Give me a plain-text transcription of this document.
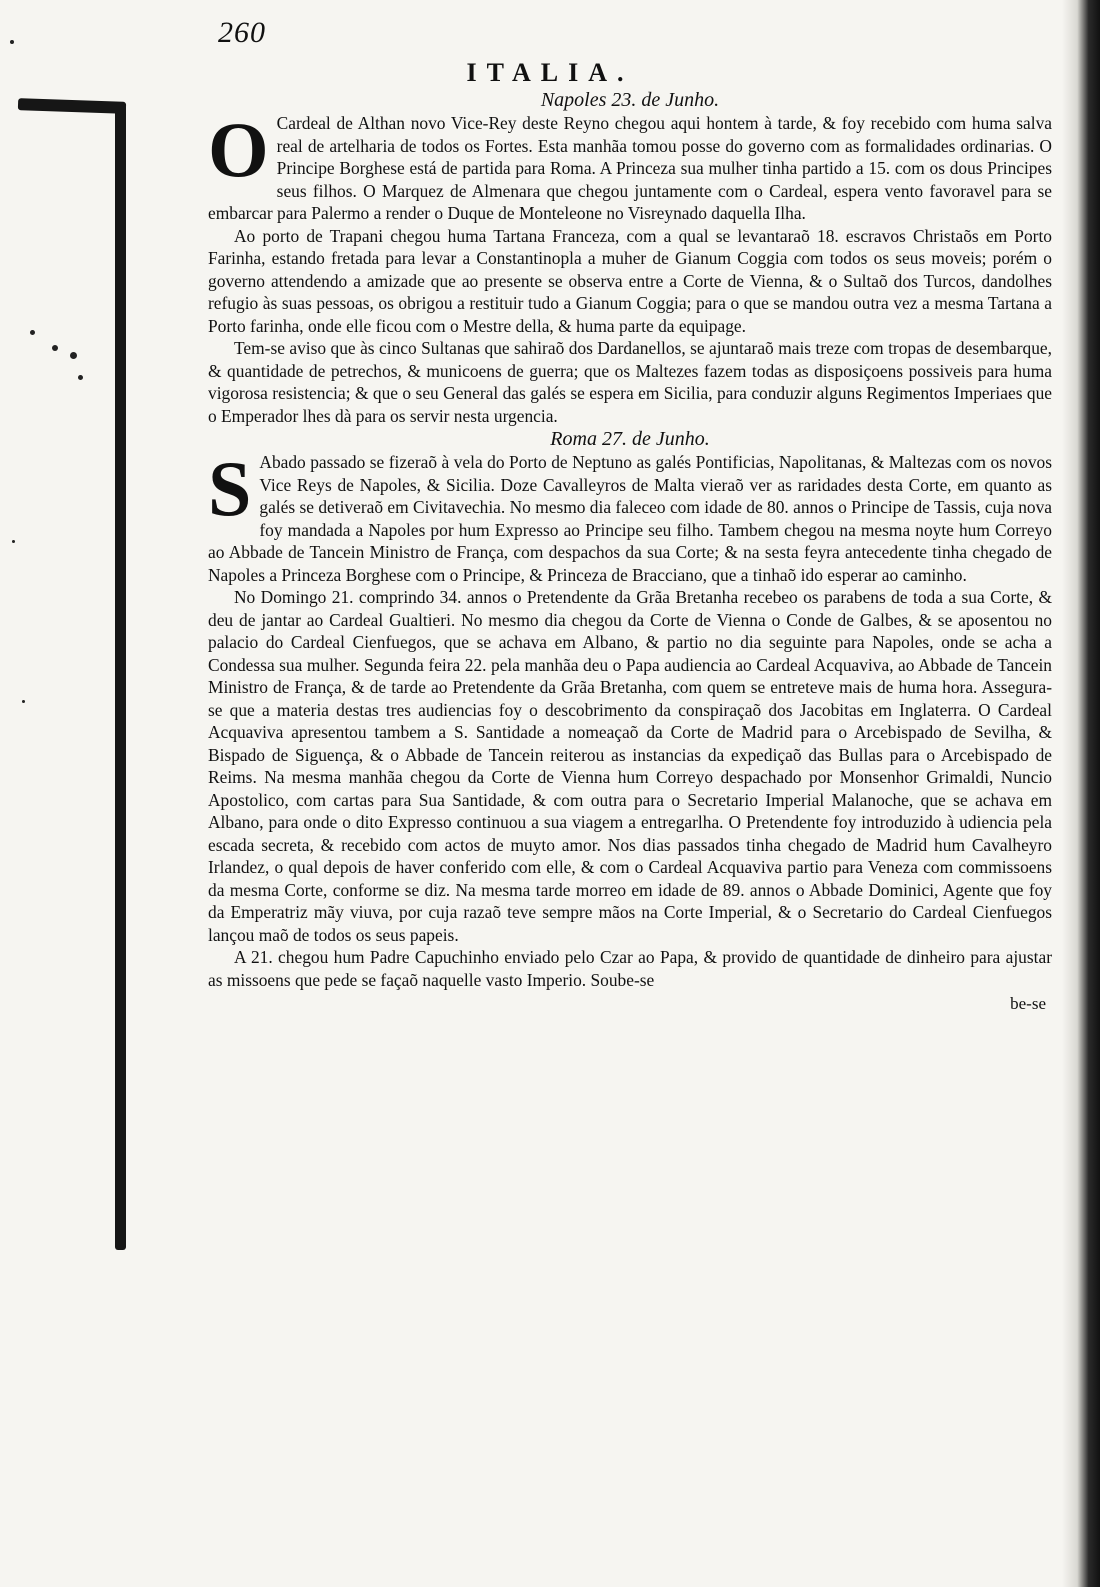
260
ITALIA.
Napoles 23. de Junho.

O Cardeal de Althan novo Vice-Rey deste Reyno chegou aqui hontem à tarde, & foy recebido com huma salva real de artelharia de todos os Fortes. Esta manhãa tomou posse do governo com as formalidades ordinarias. O Principe Borghese está de partida para Roma. A Princeza sua mulher tinha partido a 15. com os dous Principes seus filhos. O Marquez de Almenara que chegou juntamente com o Cardeal, espera vento favoravel para se embarcar para Palermo a render o Duque de Monteleone no Visreynado daquella Ilha.

Ao porto de Trapani chegou huma Tartana Franceza, com a qual se levantaraõ 18. escravos Christaõs em Porto Farinha, estando fretada para levar a Constantinopla a muher de Gianum Coggia com todos os seus moveis; porém o governo attendendo a amizade que ao presente se observa entre a Corte de Vienna, & o Sultaõ dos Turcos, dandolhes refugio às suas pessoas, os obrigou a restituir tudo a Gianum Coggia; para o que se mandou outra vez a mesma Tartana a Porto farinha, onde elle ficou com o Mestre della, & huma parte da equipage.

Tem-se aviso que às cinco Sultanas que sahiraõ dos Dardanellos, se ajuntaraõ mais treze com tropas de desembarque, & quantidade de petrechos, & municoens de guerra; que os Maltezes fazem todas as disposiçoens possiveis para huma vigorosa resistencia; & que o seu General das galés se espera em Sicilia, para conduzir alguns Regimentos Imperiaes que o Emperador lhes dà para os servir nesta urgencia.

Roma 27. de Junho.

S Abado passado se fizeraõ à vela do Porto de Neptuno as galés Pontificias, Napolitanas, & Maltezas com os novos Vice Reys de Napoles, & Sicilia. Doze Cavalleyros de Malta vieraõ ver as raridades desta Corte, em quanto as galés se detiveraõ em Civitavechia. No mesmo dia faleceo com idade de 80. annos o Principe de Tassis, cuja nova foy mandada a Napoles por hum Expresso ao Principe seu filho. Tambem chegou na mesma noyte hum Correyo ao Abbade de Tancein Ministro de França, com despachos da sua Corte; & na sesta feyra antecedente tinha chegado de Napoles a Princeza Borghese com o Principe, & Princeza de Bracciano, que a tinhaõ ido esperar ao caminho.

No Domingo 21. comprindo 34. annos o Pretendente da Grãa Bretanha recebeo os parabens de toda a sua Corte, & deu de jantar ao Cardeal Gualtieri. No mesmo dia chegou da Corte de Vienna o Conde de Galbes, & se aposentou no palacio do Cardeal Cienfuegos, que se achava em Albano, & partio no dia seguinte para Napoles, onde se acha a Condessa sua mulher. Segunda feira 22. pela manhãa deu o Papa audiencia ao Cardeal Acquaviva, ao Abbade de Tancein Ministro de França, & de tarde ao Pretendente da Grãa Bretanha, com quem se entreteve mais de huma hora. Assegura-se que a materia destas tres audiencias foy o descobrimento da conspiraçaõ dos Jacobitas em Inglaterra. O Cardeal Acquaviva apresentou tambem a S. Santidade a nomeaçaõ da Corte de Madrid para o Arcebispado de Sevilha, & Bispado de Siguença, & o Abbade de Tancein reiterou as instancias da expediçaõ das Bullas para o Arcebispado de Reims. Na mesma manhãa chegou da Corte de Vienna hum Correyo despachado por Monsenhor Grimaldi, Nuncio Apostolico, com cartas para Sua Santidade, & com outra para o Secretario Imperial Malanoche, que se achava em Albano, para onde o dito Expresso continuou a sua viagem a entregarlha. O Pretendente foy introduzido à udiencia pela escada secreta, & recebido com actos de muyto amor. Nos dias passados tinha chegado de Madrid hum Cavalheyro Irlandez, o qual depois de haver conferido com elle, & com o Cardeal Acquaviva partio para Veneza com commissoens da mesma Corte, conforme se diz. Na mesma tarde morreo em idade de 89. annos o Abbade Dominici, Agente que foy da Emperatriz mãy viuva, por cuja razaõ teve sempre mãos na Corte Imperial, & o Secretario do Cardeal Cienfuegos lançou maõ de todos os seus papeis.

A 21. chegou hum Padre Capuchinho enviado pelo Czar ao Papa, & provido de quantidade de dinheiro para ajustar as missoens que pede se façaõ naquelle vasto Imperio. Soube-se

be-se
